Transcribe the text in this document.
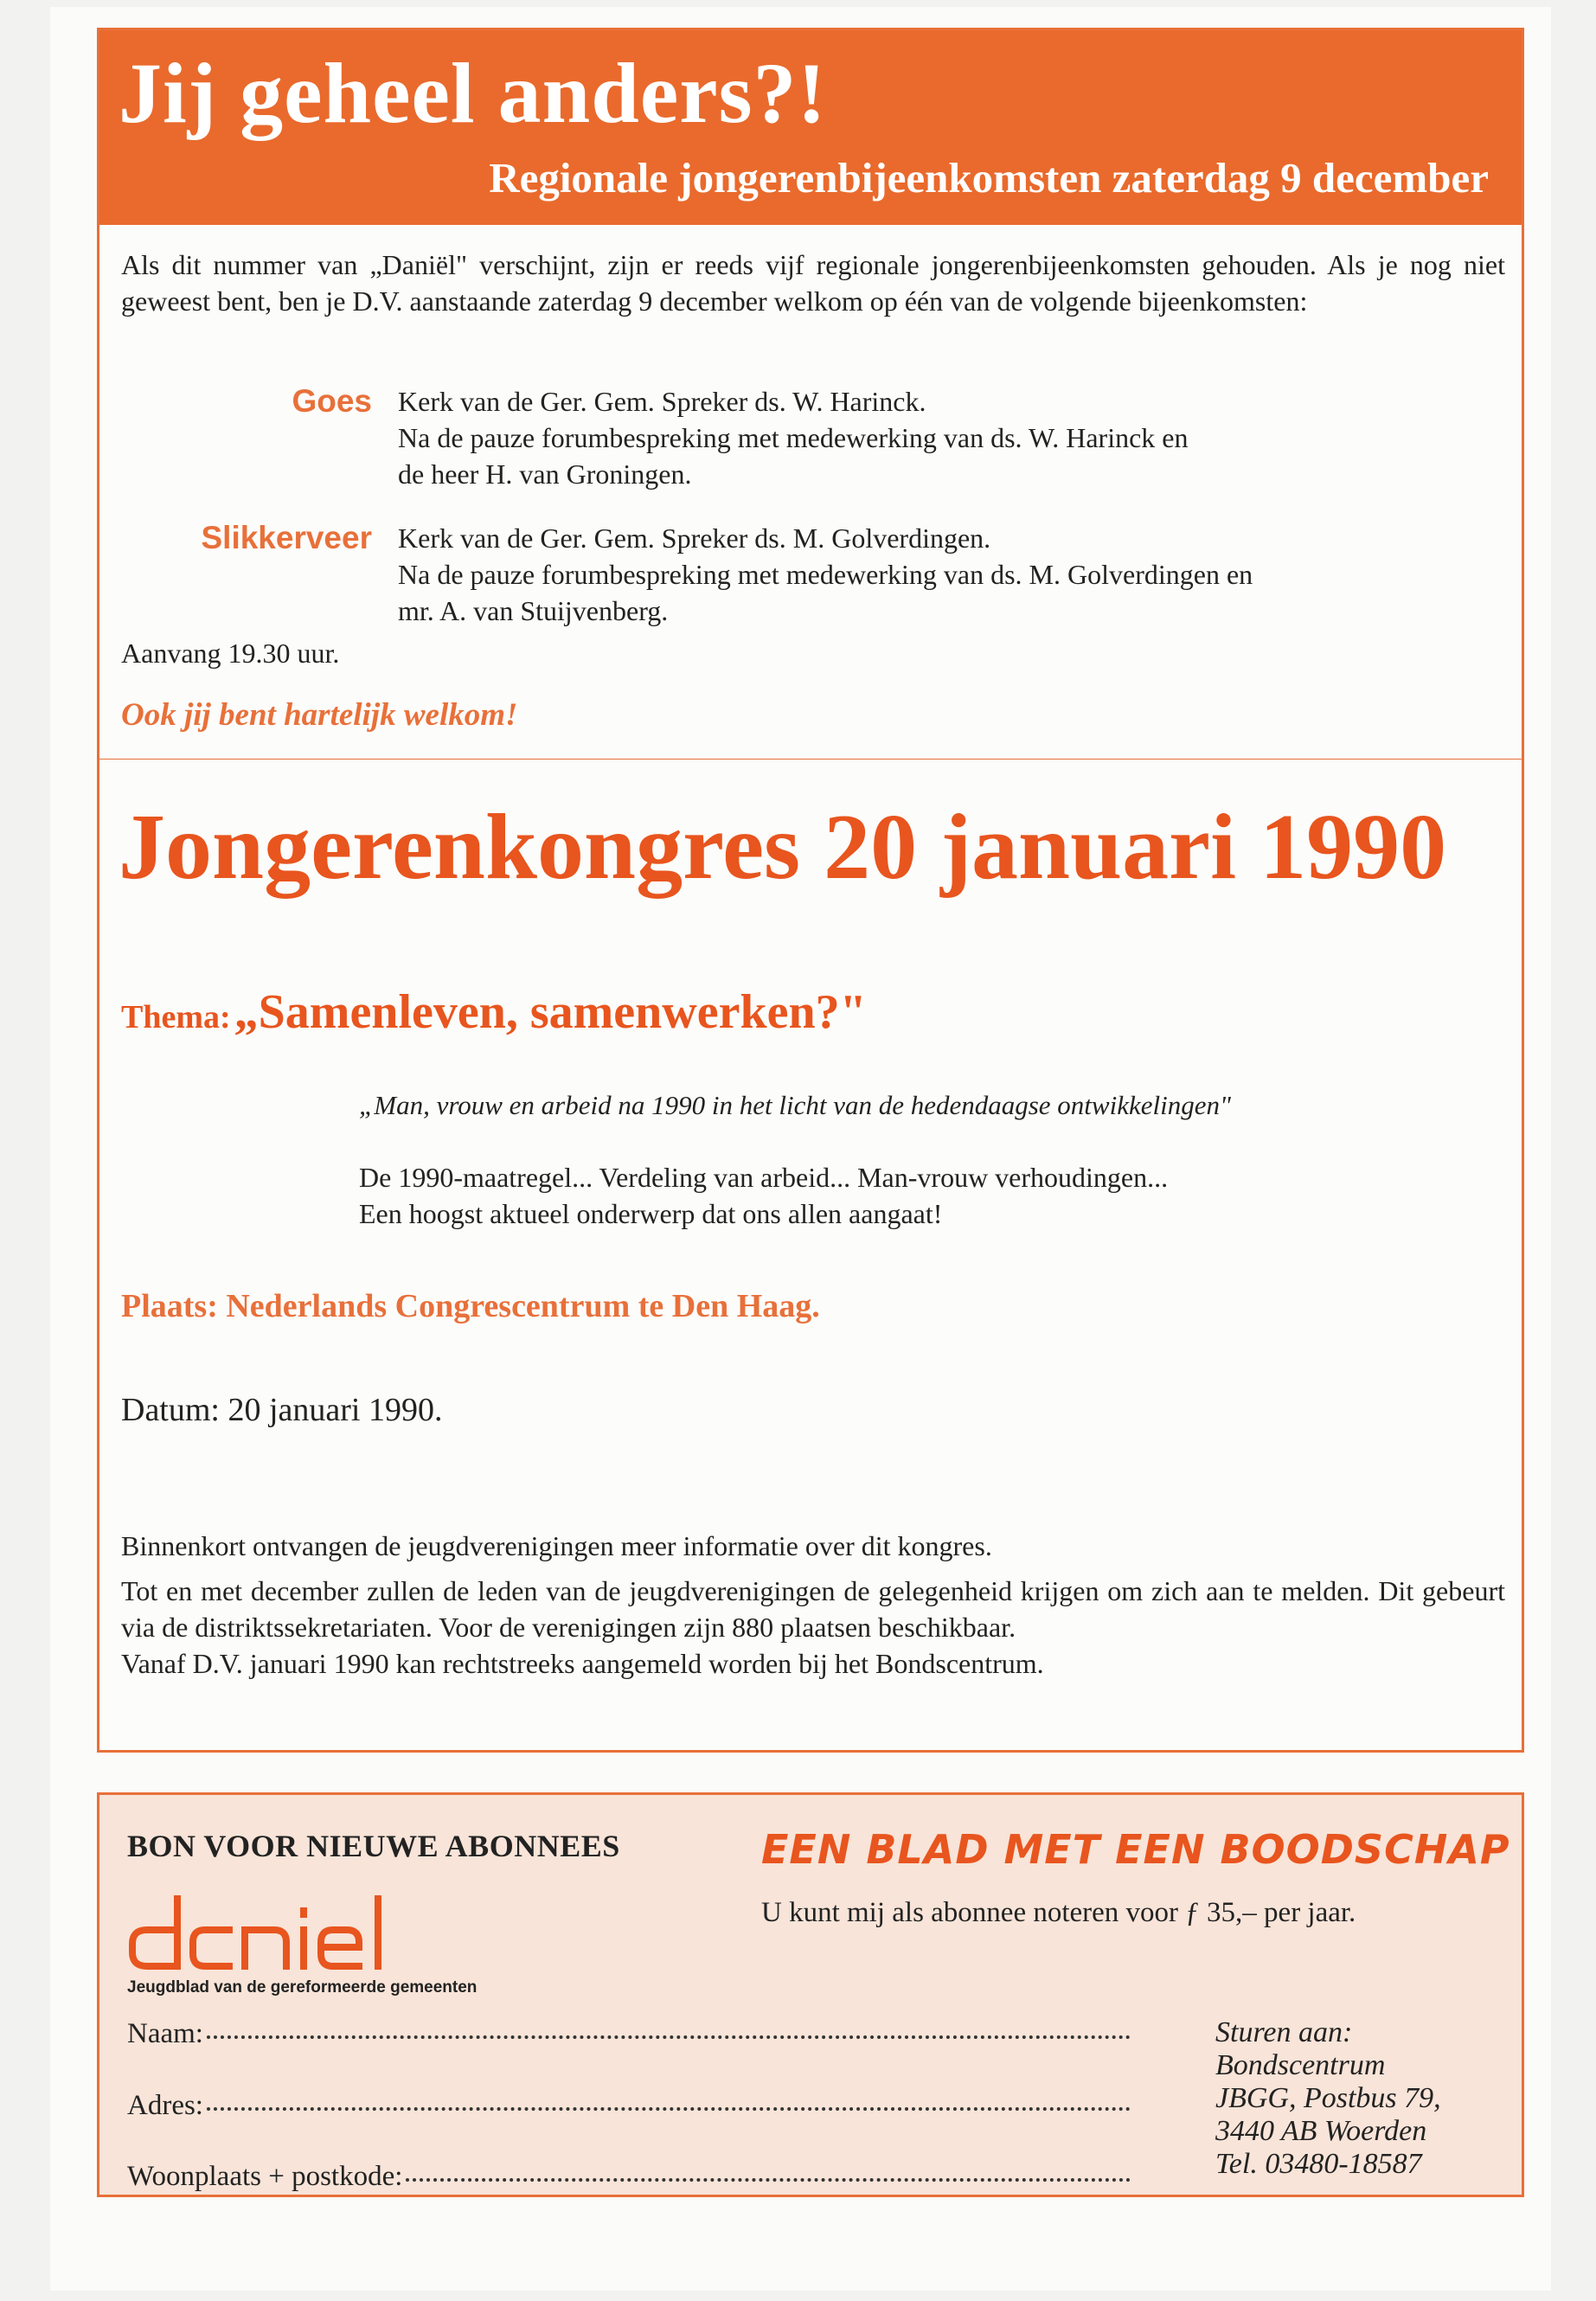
Jij geheel anders?!
Regionale jongerenbijeenkomsten zaterdag 9 december
Als dit nummer van „Daniël" verschijnt, zijn er reeds vijf regionale jongerenbijeenkomsten gehouden. Als je nog niet geweest bent, ben je D.V. aanstaande zaterdag 9 december welkom op één van de volgende bijeenkomsten:
Goes Kerk van de Ger. Gem. Spreker ds. W. Harinck.
Na de pauze forumbespreking met medewerking van ds. W. Harinck en
de heer H. van Groningen.
Slikkerveer Kerk van de Ger. Gem. Spreker ds. M. Golverdingen.
Na de pauze forumbespreking met medewerking van ds. M. Golverdingen en
mr. A. van Stuijvenberg.
Aanvang 19.30 uur.
Ook jij bent hartelijk welkom!
Jongerenkongres 20 januari 1990
Thema: „Samenleven, samenwerken?"
„Man, vrouw en arbeid na 1990 in het licht van de hedendaagse ontwikkelingen"
De 1990-maatregel... Verdeling van arbeid... Man-vrouw verhoudingen...
Een hoogst aktueel onderwerp dat ons allen aangaat!
Plaats: Nederlands Congrescentrum te Den Haag.
Datum: 20 januari 1990.

Binnenkort ontvangen de jeugdverenigingen meer informatie over dit kongres.

Tot en met december zullen de leden van de jeugdverenigingen de gelegenheid krijgen om zich aan te melden. Dit gebeurt via de distriktssekretariaten. Voor de verenigingen zijn 880 plaatsen beschikbaar.

Vanaf D.V. januari 1990 kan rechtstreeks aangemeld worden bij het Bondscentrum.

BON VOOR NIEUWE ABONNEES
Jeugdblad van de gereformeerde gemeenten
EEN BLAD MET EEN BOODSCHAP
U kunt mij als abonnee noteren voor ƒ 35,– per jaar.
Naam:
Adres:
Woonplaats + postkode:
Sturen aan:
Bondscentrum
JBGG, Postbus 79,
3440 AB Woerden
Tel. 03480-18587
